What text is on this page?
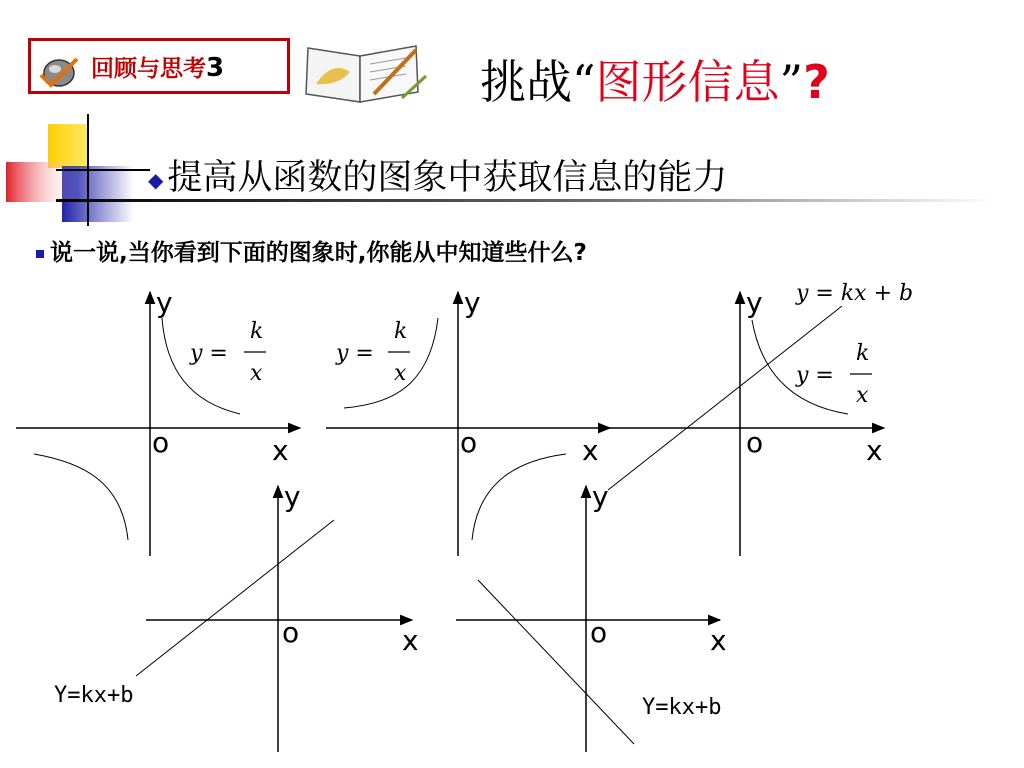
回顾与思考3	挑战“图形信息”?
◆ 提高从函数的图象中获取信息的能力
说一说,当你看到下面的图象时,你能从中知道些什么?
y
o	x
y =
k
x
y
o	x
y =
k
x
y
o	x
y = kx + b
y =
k
x
y
o	x
Y=kx+b
y
o	x
Y=kx+b
